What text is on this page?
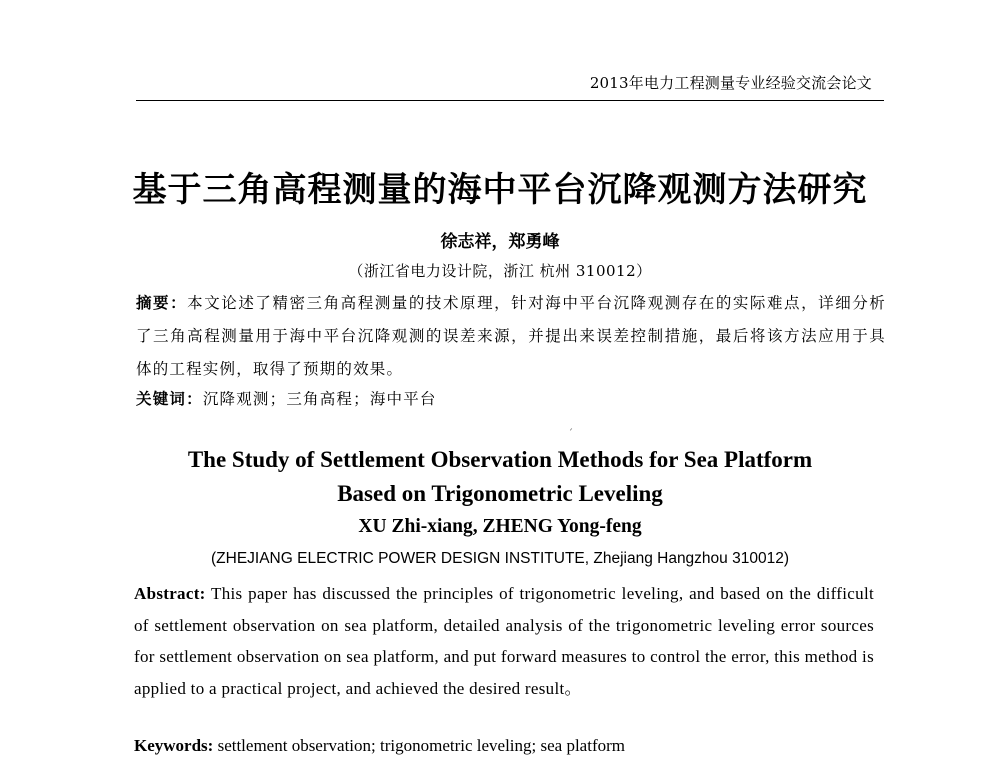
2013年电力工程测量专业经验交流会论文
基于三角高程测量的海中平台沉降观测方法研究
徐志祥，郑勇峰
（浙江省电力设计院，浙江 杭州 310012）
摘要：本文论述了精密三角高程测量的技术原理，针对海中平台沉降观测存在的实际难点，详细分析了三角高程测量用于海中平台沉降观测的误差来源，并提出来误差控制措施，最后将该方法应用于具体的工程实例，取得了预期的效果。
关键词：沉降观测；三角高程；海中平台
ˊ
The Study of Settlement Observation Methods for Sea Platform
Based on Trigonometric Leveling
XU Zhi-xiang, ZHENG Yong-feng
(ZHEJIANG ELECTRIC POWER DESIGN INSTITUTE, Zhejiang Hangzhou 310012)
Abstract: This paper has discussed the principles of trigonometric leveling, and based on the difficult of settlement observation on sea platform, detailed analysis of the trigonometric leveling error sources for settlement observation on sea platform, and put forward measures to control the error, this method is applied to a practical project, and achieved the desired result。
Keywords: settlement observation; trigonometric leveling; sea platform
